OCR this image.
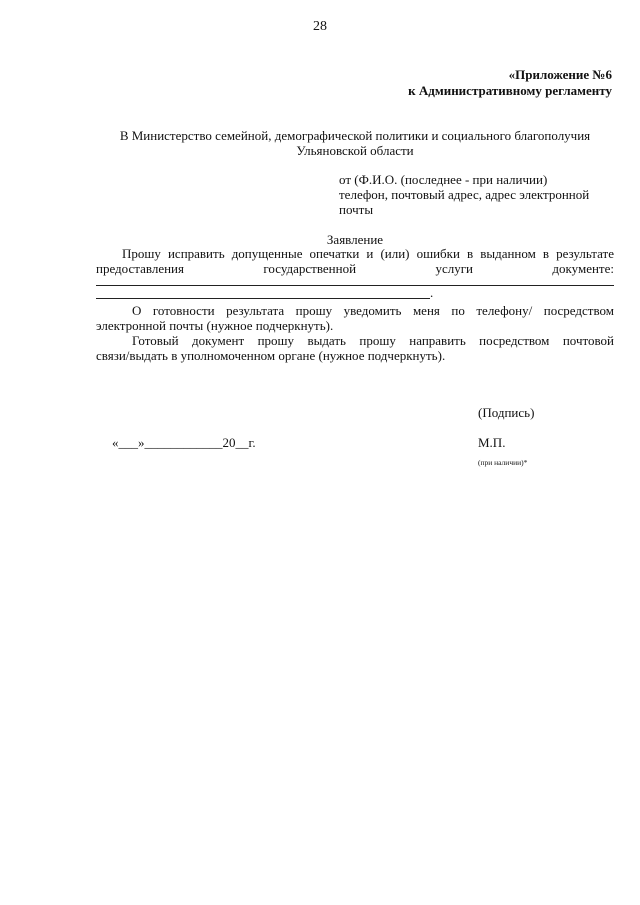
28
«Приложение №6
к Административному регламенту
В Министерство семейной, демографической политики и социального благополучия
Ульяновской области
от (Ф.И.О. (последнее - при наличии)
телефон, почтовый адрес, адрес электронной
почты
Заявление
Прошу исправить допущенные опечатки и (или) ошибки в выданном в результате
предоставления государственной услуги документе:
.
О готовности результата прошу уведомить меня по телефону/ посредством
электронной почты (нужное подчеркнуть).
Готовый документ прошу выдать прошу направить посредством почтовой
связи/выдать в уполномоченном органе (нужное подчеркнуть).
(Подпись)
«___»____________20__г.	М.П.
(при наличии)*
